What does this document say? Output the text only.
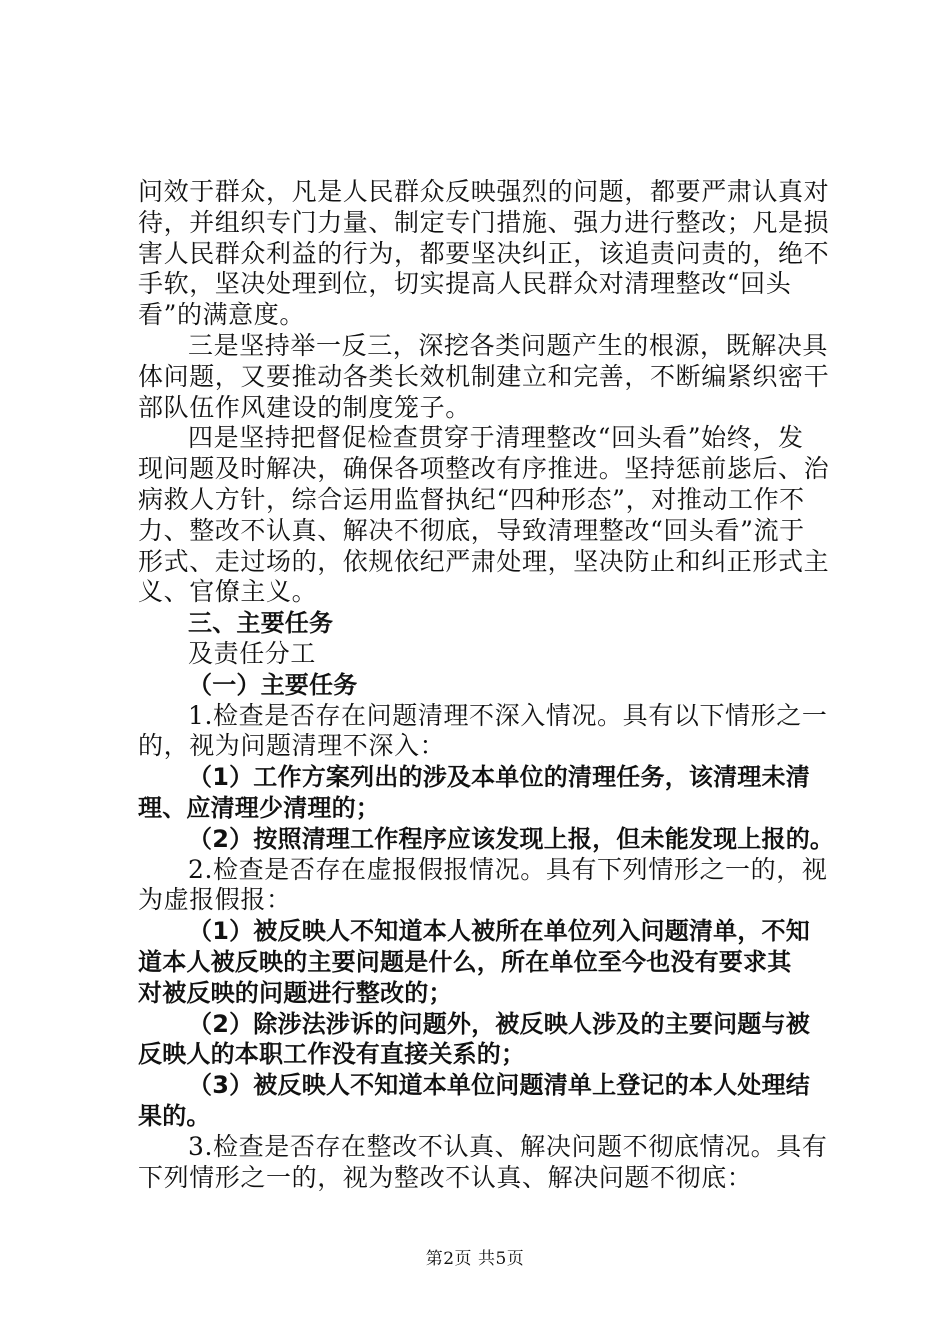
问效于群众，凡是人民群众反映强烈的问题，都要严肃认真对
待，并组织专门力量、制定专门措施、强力进行整改；凡是损
害人民群众利益的行为，都要坚决纠正，该追责问责的，绝不
手软，坚决处理到位，切实提高人民群众对清理整改“回头
看”的满意度。
三是坚持举一反三，深挖各类问题产生的根源，既解决具
体问题，又要推动各类长效机制建立和完善，不断编紧织密干
部队伍作风建设的制度笼子。
四是坚持把督促检查贯穿于清理整改“回头看”始终，发
现问题及时解决，确保各项整改有序推进。坚持惩前毖后、治
病救人方针，综合运用监督执纪“四种形态”，对推动工作不
力、整改不认真、解决不彻底，导致清理整改“回头看”流于
形式、走过场的，依规依纪严肃处理，坚决防止和纠正形式主
义、官僚主义。
三、主要任务
及责任分工
（一）主要任务
1.检查是否存在问题清理不深入情况。具有以下情形之一
的，视为问题清理不深入：
（1）工作方案列出的涉及本单位的清理任务，该清理未清
理、应清理少清理的；
（2）按照清理工作程序应该发现上报，但未能发现上报的。
2.检查是否存在虚报假报情况。具有下列情形之一的，视
为虚报假报：
（1）被反映人不知道本人被所在单位列入问题清单，不知
道本人被反映的主要问题是什么，所在单位至今也没有要求其
对被反映的问题进行整改的；
（2）除涉法涉诉的问题外，被反映人涉及的主要问题与被
反映人的本职工作没有直接关系的；
（3）被反映人不知道本单位问题清单上登记的本人处理结
果的。
3.检查是否存在整改不认真、解决问题不彻底情况。具有
下列情形之一的，视为整改不认真、解决问题不彻底：
第2页 共5页
